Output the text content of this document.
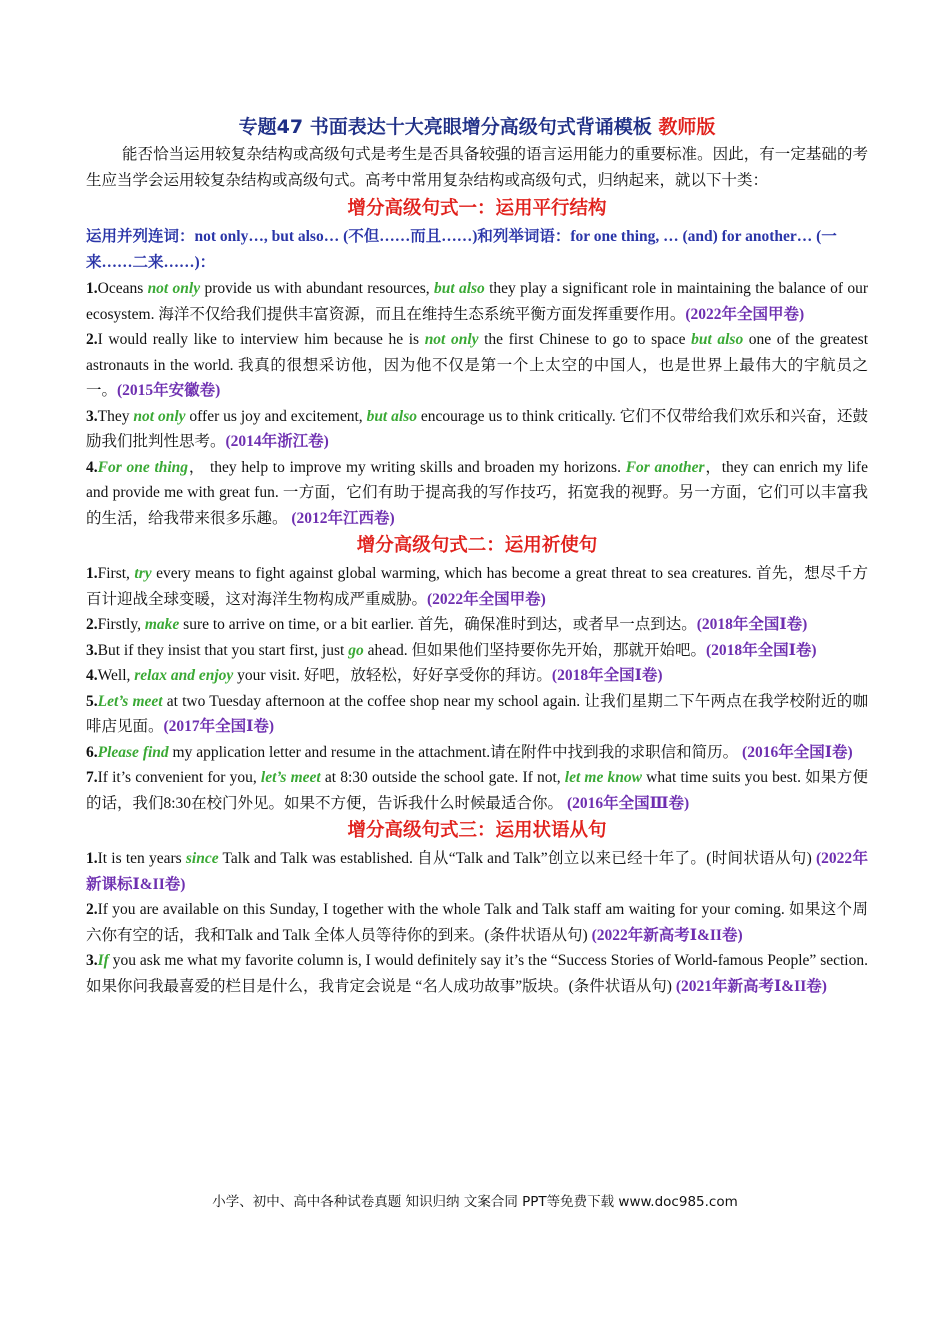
专题47 书面表达十大亮眼增分高级句式背诵模板 教师版

能否恰当运用较复杂结构或高级句式是考生是否具备较强的语言运用能力的重要标准。因此，有一定基础的考生应当学会运用较复杂结构或高级句式。高考中常用复杂结构或高级句式，归纳起来，就以下十类：

增分高级句式一：运用平行结构

运用并列连词：not only…, but also… (不但……而且……)和列举词语：for one thing, … (and) for another… (一来……二来……)：

1.Oceans not only provide us with abundant resources, but also they play a significant role in maintaining the balance of our ecosystem. 海洋不仅给我们提供丰富资源，而且在维持生态系统平衡方面发挥重要作用。(2022年全国甲卷)

2.I would really like to interview him because he is not only the first Chinese to go to space but also one of the greatest astronauts in the world. 我真的很想采访他，因为他不仅是第一个上太空的中国人，也是世界上最伟大的宇航员之一。(2015年安徽卷)

3.They not only offer us joy and excitement, but also encourage us to think critically. 它们不仅带给我们欢乐和兴奋，还鼓励我们批判性思考。(2014年浙江卷)

4.For one thing， they help to improve my writing skills and broaden my horizons. For another，they can enrich my life and provide me with great fun. 一方面，它们有助于提高我的写作技巧，拓宽我的视野。另一方面，它们可以丰富我的生活，给我带来很多乐趣。 (2012年江西卷)

增分高级句式二：运用祈使句

1.First, try every means to fight against global warming, which has become a great threat to sea creatures. 首先，想尽千方百计迎战全球变暖，这对海洋生物构成严重威胁。(2022年全国甲卷)

2.Firstly, make sure to arrive on time, or a bit earlier. 首先，确保准时到达，或者早一点到达。(2018年全国Ⅰ卷)

3.But if they insist that you start first, just go ahead. 但如果他们坚持要你先开始，那就开始吧。(2018年全国Ⅰ卷)

4.Well, relax and enjoy your visit. 好吧，放轻松，好好享受你的拜访。(2018年全国Ⅰ卷)

5.Let’s meet at two Tuesday afternoon at the coffee shop near my school again. 让我们星期二下午两点在我学校附近的咖啡店见面。(2017年全国Ⅰ卷)

6.Please find my application letter and resume in the attachment.请在附件中找到我的求职信和简历。 (2016年全国Ⅰ卷)

7.If it’s convenient for you, let’s meet at 8:30 outside the school gate. If not, let me know what time suits you best. 如果方便的话，我们8:30在校门外见。如果不方便，告诉我什么时候最适合你。 (2016年全国Ⅲ卷)

增分高级句式三：运用状语从句

1.It is ten years since Talk and Talk was established. 自从“Talk and Talk”创立以来已经十年了。(时间状语从句) (2022年新课标Ⅰ&II卷)

2.If you are available on this Sunday, I together with the whole Talk and Talk staff am waiting for your coming. 如果这个周六你有空的话，我和Talk and Talk 全体人员等待你的到来。(条件状语从句) (2022年新高考Ⅰ&II卷)

3.If you ask me what my favorite column is, I would definitely say it’s the “Success Stories of World-famous People” section. 如果你问我最喜爱的栏目是什么，我肯定会说是 “名人成功故事”版块。(条件状语从句) (2021年新高考Ⅰ&II卷)

小学、初中、高中各种试卷真题 知识归纳 文案合同 PPT等免费下载 www.doc985.com
